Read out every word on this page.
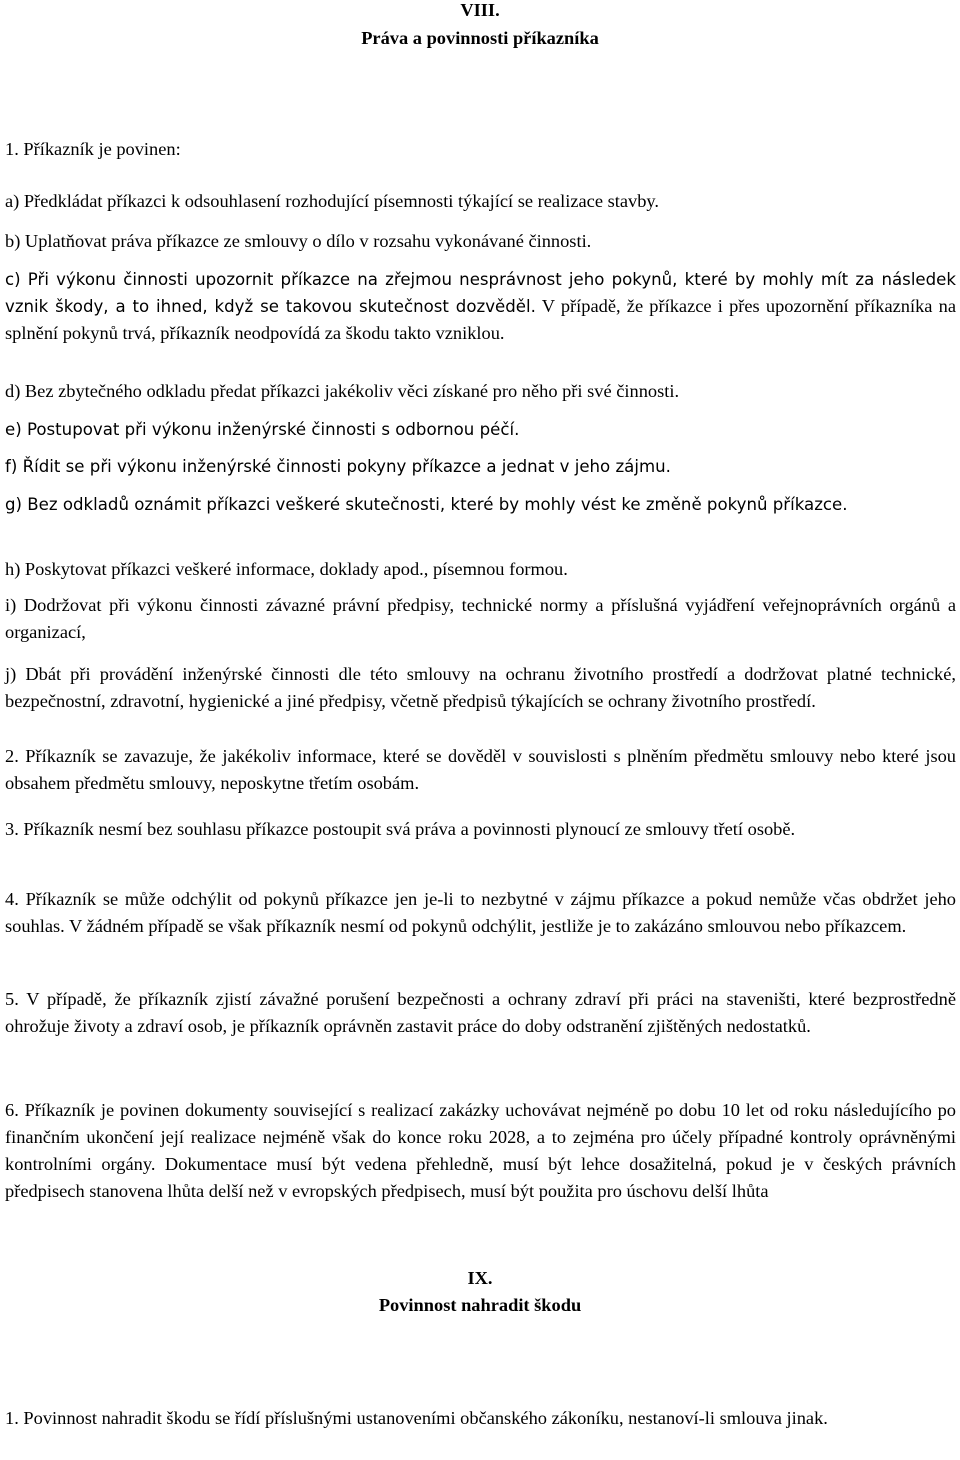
VIII.

Práva a povinnosti příkazníka

1. Příkazník je povinen:

a) Předkládat příkazci k odsouhlasení rozhodující písemnosti týkající se realizace stavby.

b) Uplatňovat práva příkazce ze smlouvy o dílo v rozsahu vykonávané činnosti.

c) Při výkonu činnosti upozornit příkazce na zřejmou nesprávnost jeho pokynů, které by mohly mít za následek vznik škody, a to ihned, když se takovou skutečnost dozvěděl. V případě, že příkazce i přes upozornění příkazníka na splnění pokynů trvá, příkazník neodpovídá za škodu takto vzniklou.

d) Bez zbytečného odkladu předat příkazci jakékoliv věci získané pro něho při své činnosti.

e) Postupovat při výkonu inženýrské činnosti s odbornou péčí.

f) Řídit se při výkonu inženýrské činnosti pokyny příkazce a jednat v jeho zájmu.

g) Bez odkladů oznámit příkazci veškeré skutečnosti, které by mohly vést ke změně pokynů příkazce.

h) Poskytovat příkazci veškeré informace, doklady apod., písemnou formou.

i) Dodržovat při výkonu činnosti závazné právní předpisy, technické normy a příslušná vyjádření veřejnoprávních orgánů a organizací,

j) Dbát při provádění inženýrské činnosti dle této smlouvy na ochranu životního prostředí a dodržovat platné technické, bezpečnostní, zdravotní, hygienické a jiné předpisy, včetně předpisů týkajících se ochrany životního prostředí.

2. Příkazník se zavazuje, že jakékoliv informace, které se dověděl v souvislosti s plněním předmětu smlouvy nebo které jsou obsahem předmětu smlouvy, neposkytne třetím osobám.

3. Příkazník nesmí bez souhlasu příkazce postoupit svá práva a povinnosti plynoucí ze smlouvy třetí osobě.

4. Příkazník se může odchýlit od pokynů příkazce jen je-li to nezbytné v zájmu příkazce a pokud nemůže včas obdržet jeho souhlas. V žádném případě se však příkazník nesmí od pokynů odchýlit, jestliže je to zakázáno smlouvou nebo příkazcem.

5. V případě, že příkazník zjistí závažné porušení bezpečnosti a ochrany zdraví při práci na staveništi, které bezprostředně ohrožuje životy a zdraví osob, je příkazník oprávněn zastavit práce do doby odstranění zjištěných nedostatků.

6. Příkazník je povinen dokumenty související s realizací zakázky uchovávat nejméně po dobu 10 let od roku následujícího po finančním ukončení její realizace nejméně však do konce roku 2028, a to zejména pro účely případné kontroly oprávněnými kontrolními orgány. Dokumentace musí být vedena přehledně, musí být lehce dosažitelná, pokud je v českých právních předpisech stanovena lhůta delší než v evropských předpisech, musí být použita pro úschovu delší lhůta

IX.

Povinnost nahradit škodu

1. Povinnost nahradit škodu se řídí příslušnými ustanoveními občanského zákoníku, nestanoví-li smlouva jinak.
